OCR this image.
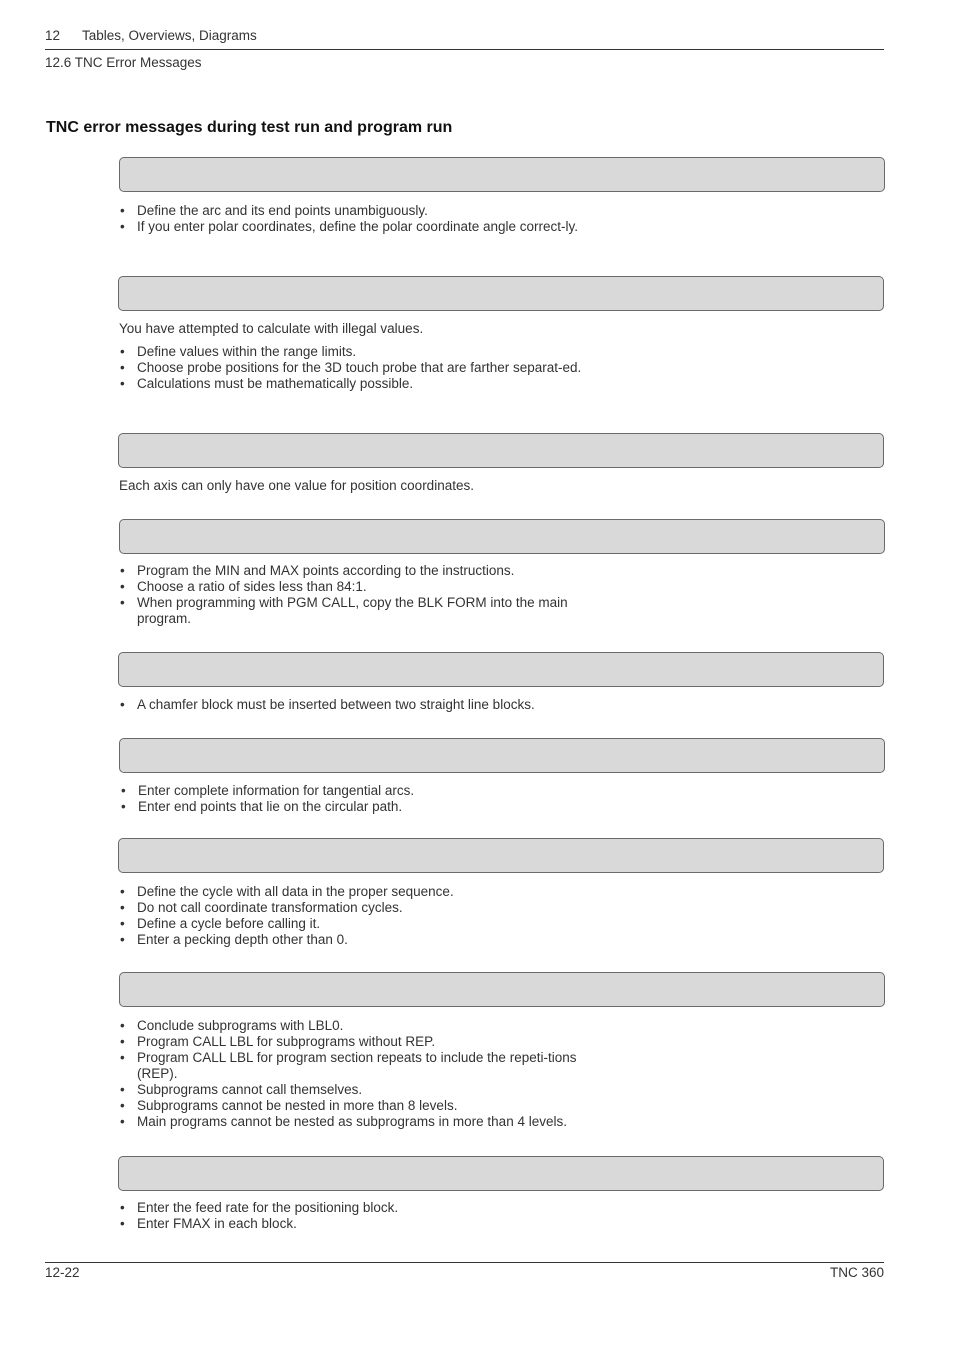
12 Tables, Overviews, Diagrams
12.6 TNC Error Messages
TNC error messages during test run and program run
• Define the arc and its end points unambiguously.
• If you enter polar coordinates, define the polar coordinate angle correct-ly.

You have attempted to calculate with illegal values.

• Define values within the range limits.
• Choose probe positions for the 3D touch probe that are farther separat-ed.
• Calculations must be mathematically possible.

Each axis can only have one value for position coordinates.

• Program the MIN and MAX points according to the instructions.
• Choose a ratio of sides less than 84:1.
• When programming with PGM CALL, copy the BLK FORM into the main program.
• A chamfer block must be inserted between two straight line blocks.
• Enter complete information for tangential arcs.
• Enter end points that lie on the circular path.
• Define the cycle with all data in the proper sequence.
• Do not call coordinate transformation cycles.
• Define a cycle before calling it.
• Enter a pecking depth other than 0.
• Conclude subprograms with LBL0.
• Program CALL LBL for subprograms without REP.
• Program CALL LBL for program section repeats to include the repeti-tions (REP).
• Subprograms cannot call themselves.
• Subprograms cannot be nested in more than 8 levels.
• Main programs cannot be nested as subprograms in more than 4 levels.
• Enter the feed rate for the positioning block.
• Enter FMAX in each block.
12-22	TNC 360
